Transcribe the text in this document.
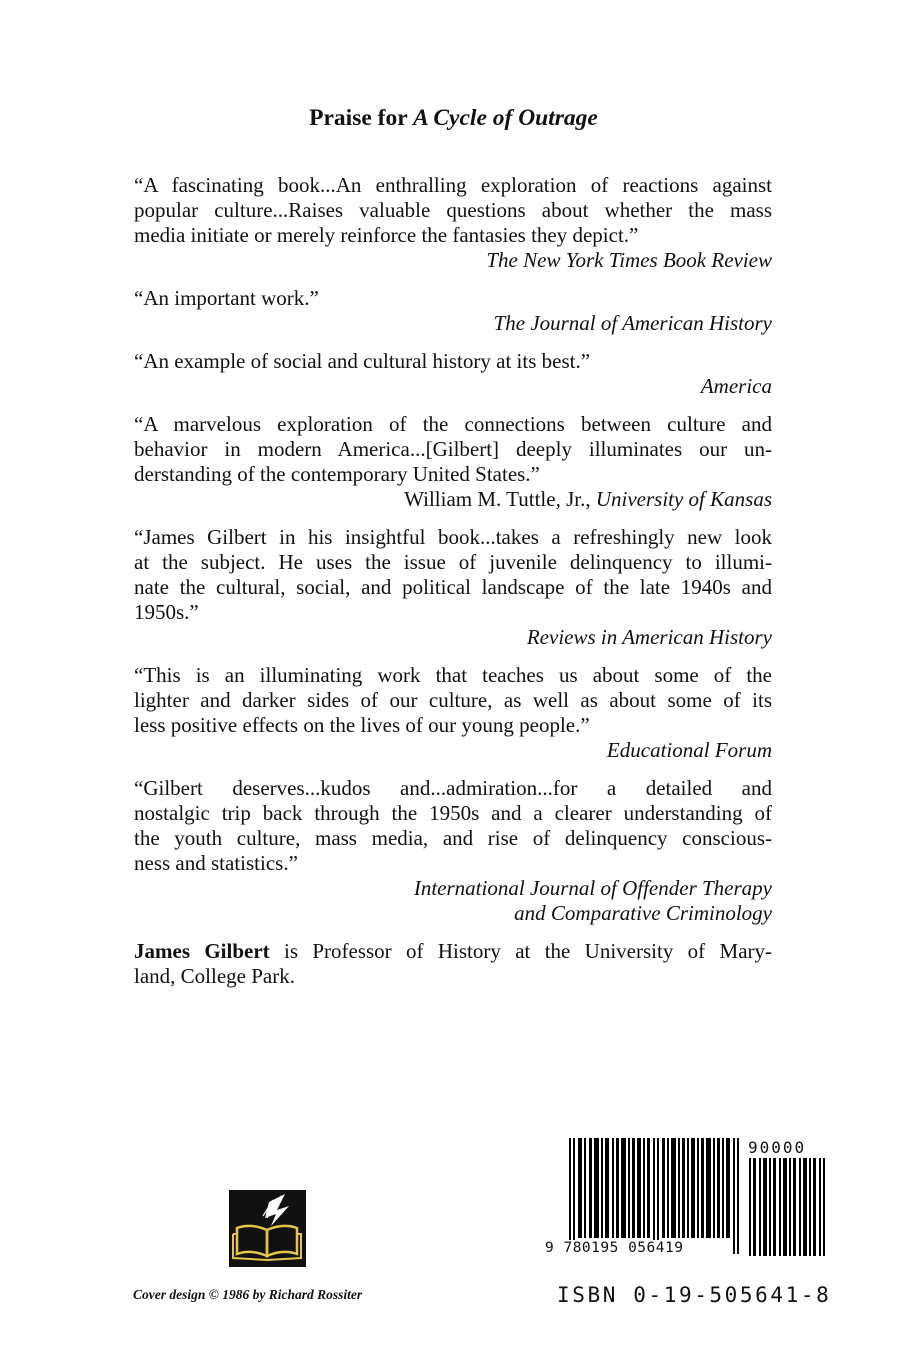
Praise for A Cycle of Outrage
“A fascinating book...An enthralling exploration of reactions against
popular culture...Raises valuable questions about whether the mass
media initiate or merely reinforce the fantasies they depict.”
The New York Times Book Review
“An important work.”
The Journal of American History
“An example of social and cultural history at its best.”
America
“A marvelous exploration of the connections between culture and
behavior in modern America...[Gilbert] deeply illuminates our un-
derstanding of the contemporary United States.”
William M. Tuttle, Jr., University of Kansas
“James Gilbert in his insightful book...takes a refreshingly new look
at the subject. He uses the issue of juvenile delinquency to illumi-
nate the cultural, social, and political landscape of the late 1940s and
1950s.”
Reviews in American History
“This is an illuminating work that teaches us about some of the
lighter and darker sides of our culture, as well as about some of its
less positive effects on the lives of our young people.”
Educational Forum
“Gilbert deserves...kudos and...admiration...for a detailed and
nostalgic trip back through the 1950s and a clearer understanding of
the youth culture, mass media, and rise of delinquency conscious-
ness and statistics.”
International Journal of Offender Therapy
and Comparative Criminology
James Gilbert is Professor of History at the University of Mary-
land, College Park.
Cover design © 1986 by Richard Rossiter
9 780195 056419
90000
ISBN 0-19-505641-8
